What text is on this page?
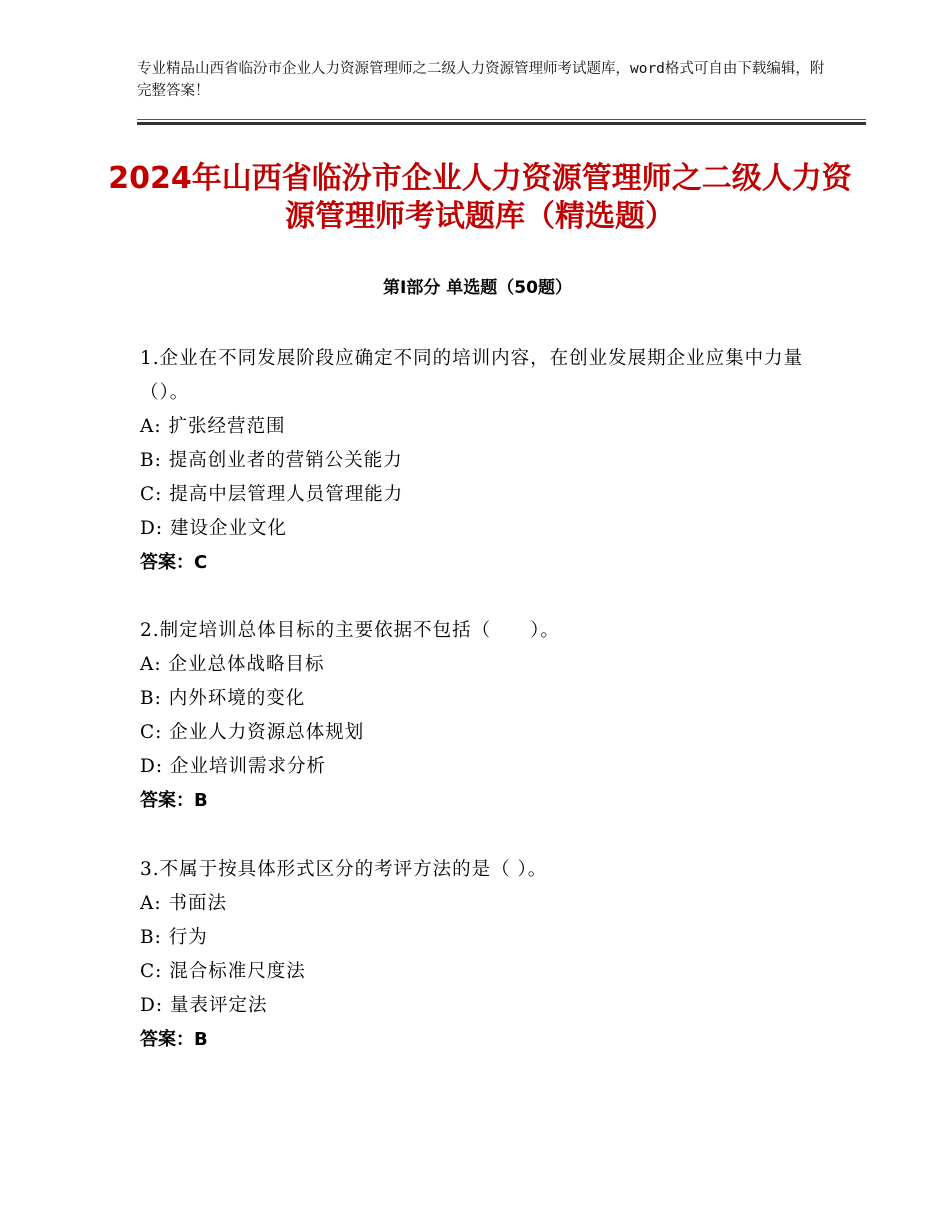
专业精品山西省临汾市企业人力资源管理师之二级人力资源管理师考试题库，word格式可自由下载编辑，附完整答案！

2024年山西省临汾市企业人力资源管理师之二级人力资源管理师考试题库（精选题）
第Ⅰ部分 单选题（50题）

1.企业在不同发展阶段应确定不同的培训内容，在创业发展期企业应集中力量（）。

A: 扩张经营范围

B: 提高创业者的营销公关能力

C: 提高中层管理人员管理能力

D: 建设企业文化

答案：C

2.制定培训总体目标的主要依据不包括（　　）。

A: 企业总体战略目标

B: 内外环境的变化

C: 企业人力资源总体规划

D: 企业培训需求分析

答案：B

3.不属于按具体形式区分的考评方法的是（ ）。

A: 书面法

B: 行为

C: 混合标准尺度法

D: 量表评定法

答案：B
